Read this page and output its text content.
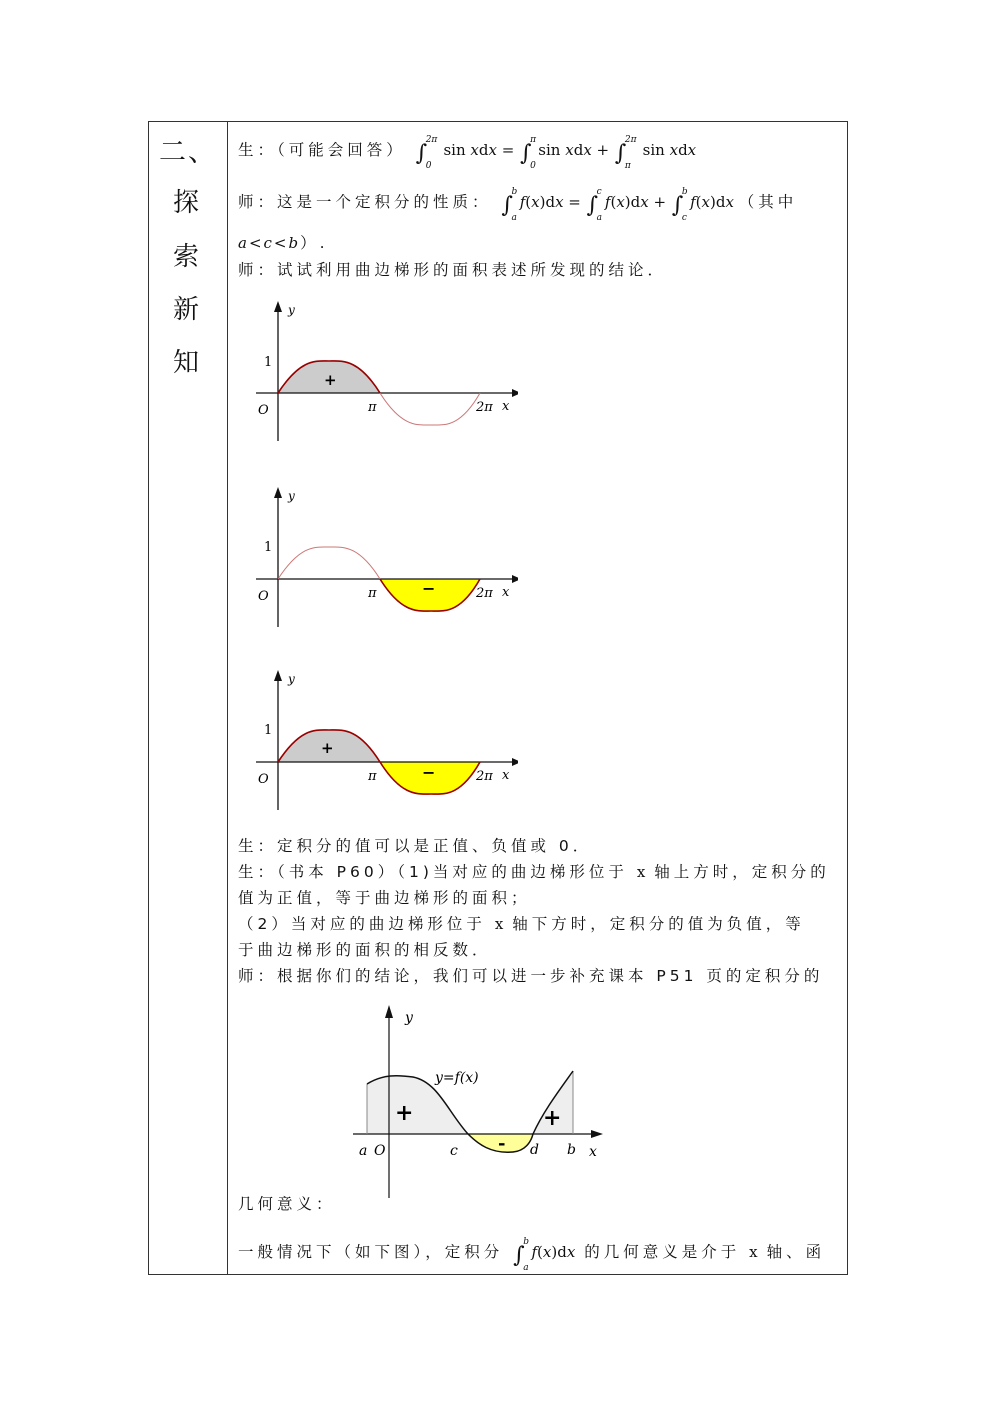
二、
探
索
新
知
生：（可能会回答） ∫
2π
0
sin xdx = ∫
π
0
sin xdx + ∫
2π
π
sin xdx
师：这是一个定积分的性质： ∫
b
a
f(x)dx = ∫
c
a
f(x)dx + ∫
b
c
f(x)dx （其中
a<c<b）.
师：试试利用曲边梯形的面积表述所发现的结论．
y
1
+
O	π	2π x
y
1
−
O	π	2π x
y
1
+
−
O	π	2π x
生：定积分的值可以是正值、负值或 0．
生：（书本 P60）（1)当对应的曲边梯形位于 x 轴上方时，定积分的
值为正值，等于曲边梯形的面积；
（2）当对应的曲边梯形位于 x 轴下方时，定积分的值为负值，等
于曲边梯形的面积的相反数．
师：根据你们的结论，我们可以进一步补充课本 P51 页的定积分的
y
y=f(x)
+	+
-
a O	c	d b x
几何意义：
一般情况下（如下图），定积分 ∫
b
a
f(x)dx 的几何意义是介于 x 轴、函
